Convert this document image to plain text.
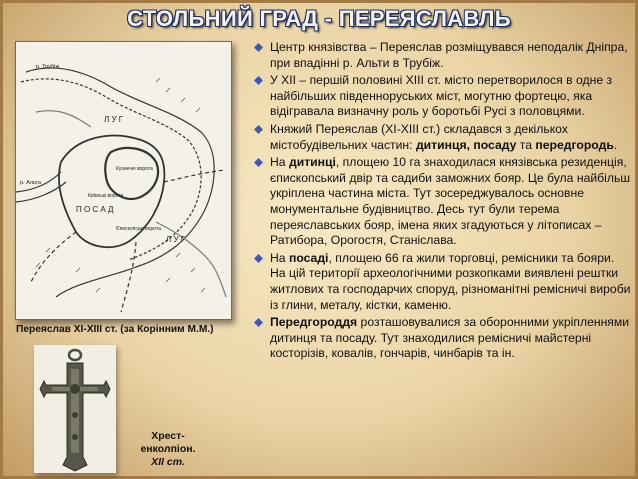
СТОЛЬНИЙ ГРАД - ПЕРЕЯСЛАВЛЬ
Л У Г
П О С А Д
Л У Г
Кузнечні ворота
Київські ворота
Єпископські ворота
р. Альта
р. Трубіж
Переяслав XI-XIII ст. (за Корінним М.М.)
Хрест-
енколпіон.
XII ст.
Центр князівства – Переяслав розміщувався неподалік Дніпра, при впадінні р. Альти в Трубіж.
У XII – першій половині XIII ст. місто перетворилося в одне з найбільших південноруських міст, могутню фортецю, яка відігравала визначну роль у боротьбі Русі з половцями.
Княжий Переяслав (XI-XIII ст.) складався з декількох містобудівельних частин: дитинця, посаду та передгородь.
На дитинці, площею 10 га знаходилася князівська резиденція, єпископський двір та садиби заможних бояр. Це була найбільш укріплена частина міста. Тут зосереджувалось основне монументальне будівництво. Десь тут були терема переяславських бояр, імена яких згадуються у літописах – Ратибора, Орогостя, Станіслава.
На посаді, площею 66 га жили торговці, ремісники та бояри. На цій території археологічними розкопками виявлені рештки житлових та господарчих споруд, різноманітні ремісничі вироби із глини, металу, кістки, каменю.
Передгороддя розташовувалися за оборонними укріпленнями дитинця та посаду. Тут знаходилися ремісничі майстерні косторізів, ковалів, гончарів, чинбарів та ін.
